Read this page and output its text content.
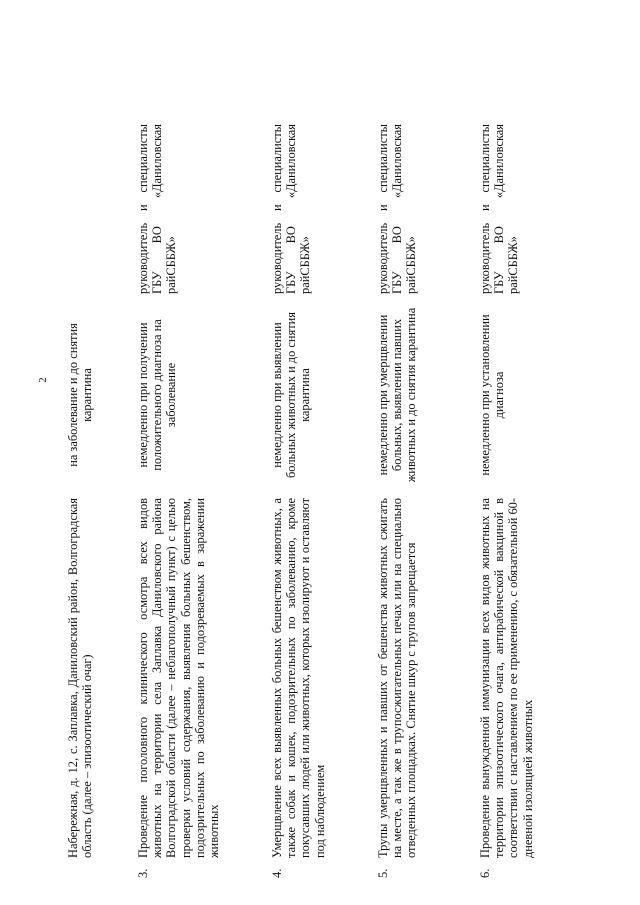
2

Набережная, д. 12, с. Заплавка, Даниловский район, Волгоградская область (далее – эпизоотический очаг)

на заболевание и до снятия карантина

3.

Проведение поголовного клинического осмотра всех видов животных на территории села Заплавка Даниловского района Волгоградской области (далее – неблагополучный пункт) с целью проверки условий содержания, выявления больных бешенством, подозрительных по заболеванию и подозреваемых в заражении животных

немедленно при получении положительного диагноза на заболевание

руководитель и специалисты ГБУ ВО «Даниловская райСББЖ»

4.

Умерщвление всех выявленных больных бешенством животных, а также собак и кошек, подозрительных по заболеванию, кроме покусавших людей или животных, которых изолируют и оставляют под наблюдением

немедленно при выявлении больных животных и до снятия карантина

руководитель и специалисты ГБУ ВО «Даниловская райСББЖ»

5.

Трупы умерщвленных и павших от бешенства животных сжигать на месте, а так же в трупосжигательных печах или на специально отведенных площадках. Снятие шкур с трупов запрещается

немедленно при умерщвлении больных, выявлении павших животных и до снятия карантина

руководитель и специалисты ГБУ ВО «Даниловская райСББЖ»

6.

Проведение вынужденной иммунизации всех видов животных на территории эпизоотического очага, антирабической вакциной в соответствии с наставлением по ее применению, с обязательной 60-дневной изоляцией животных

немедленно при установлении диагноза

руководитель и специалисты ГБУ ВО «Даниловская райСББЖ»
